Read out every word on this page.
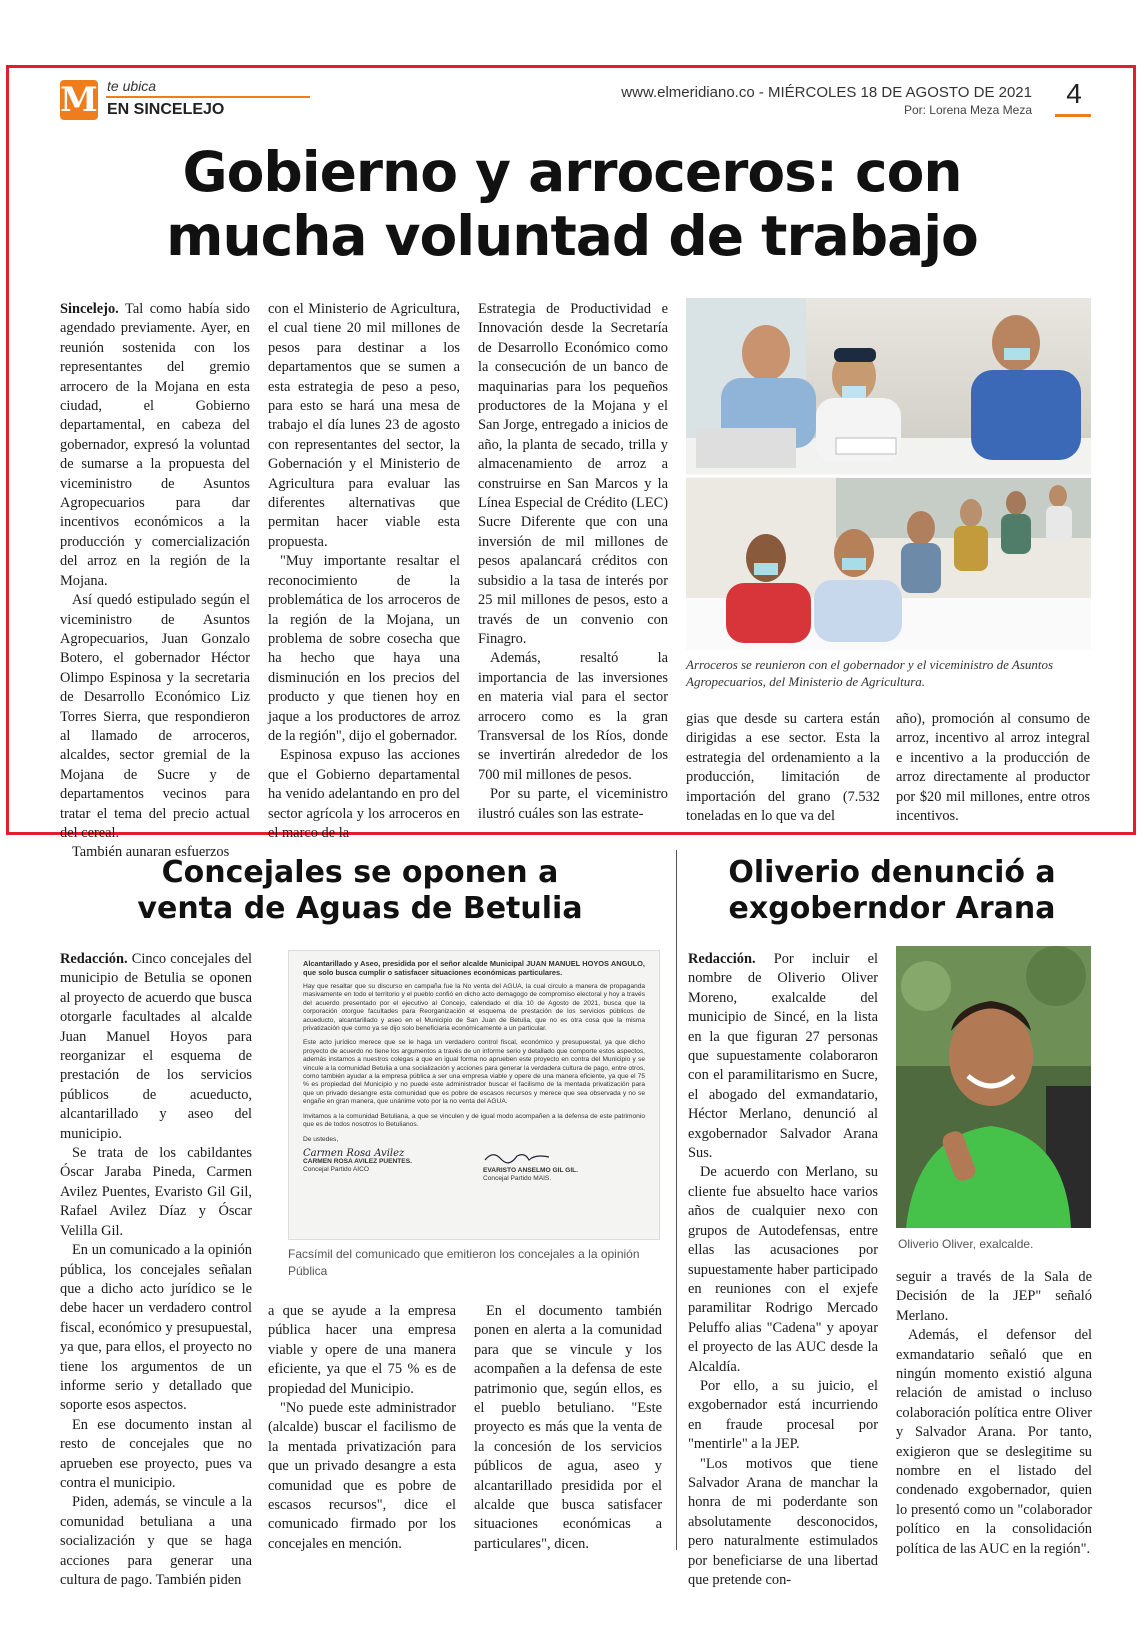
M te ubica
EN SINCELEJO
www.elmeridiano.co - MIÉRCOLES 18 DE AGOSTO DE 2021
Por: Lorena Meza Meza
4
Gobierno y arroceros: con
mucha voluntad de trabajo

Sincelejo. Tal como había sido agendado previamente. Ayer, en reunión sostenida con los representantes del gremio arrocero de la Mojana en esta ciudad, el Gobierno departamental, en cabeza del gobernador, expresó la voluntad de sumarse a la propuesta del viceministro de Asuntos Agropecuarios para dar incentivos económicos a la producción y comercialización del arroz en la región de la Mojana.

Así quedó estipulado según el viceministro de Asuntos Agropecuarios, Juan Gonzalo Botero, el gobernador Héctor Olimpo Espinosa y la secretaria de Desarrollo Económico Liz Torres Sierra, que respondieron al llamado de arroceros, alcaldes, sector gremial de la Mojana de Sucre y de departamentos vecinos para tratar el tema del precio actual del cereal.

También aunaran esfuerzos

con el Ministerio de Agricultura, el cual tiene 20 mil millones de pesos para destinar a los departamentos que se sumen a esta estrategia de peso a peso, para esto se hará una mesa de trabajo el día lunes 23 de agosto con representantes del sector, la Gobernación y el Ministerio de Agricultura para evaluar las diferentes alternativas que permitan hacer viable esta propuesta.

"Muy importante resaltar el reconocimiento de la problemática de los arroceros de la región de la Mojana, un problema de sobre cosecha que ha hecho que haya una disminución en los precios del producto y que tienen hoy en jaque a los productores de arroz de la región", dijo el gobernador.

Espinosa expuso las acciones que el Gobierno departamental ha venido adelantando en pro del sector agrícola y los arroceros en el marco de la

Estrategia de Productividad e Innovación desde la Secretaría de Desarrollo Económico como la consecución de un banco de maquinarias para los pequeños productores de la Mojana y el San Jorge, entregado a inicios de año, la planta de secado, trilla y almacenamiento de arroz a construirse en San Marcos y la Línea Especial de Crédito (LEC) Sucre Diferente que con una inversión de mil millones de pesos apalancará créditos con subsidio a la tasa de interés por 25 mil millones de pesos, esto a través de un convenio con Finagro.

Además, resaltó la importancia de las inversiones en materia vial para el sector arrocero como es la gran Transversal de los Ríos, donde se invertirán alrededor de los 700 mil millones de pesos.

Por su parte, el viceministro ilustró cuáles son las estrate-

gias que desde su cartera están dirigidas a ese sector. Esta la estrategia del ordenamiento a la producción, limitación de importación del grano (7.532 toneladas en lo que va del

año), promoción al consumo de arroz, incentivo al arroz integral e incentivo a la producción de arroz directamente al productor por $20 mil millones, entre otros incentivos.

Arroceros se reunieron con el gobernador y el viceministro de Asuntos Agropecuarios, del Ministerio de Agricultura.
Concejales se oponen a
venta de Aguas de Betulia

Redacción. Cinco concejales del municipio de Betulia se oponen al proyecto de acuerdo que busca otorgarle facultades al alcalde Juan Manuel Hoyos para reorganizar el esquema de prestación de los servicios públicos de acueducto, alcantarillado y aseo del municipio.

Se trata de los cabildantes Óscar Jaraba Pineda, Carmen Avilez Puentes, Evaristo Gil Gil, Rafael Avilez Díaz y Óscar Velilla Gil.

En un comunicado a la opinión pública, los concejales señalan que a dicho acto jurídico se le debe hacer un verdadero control fiscal, económico y presupuestal, ya que, para ellos, el proyecto no tiene los argumentos de un informe serio y detallado que soporte esos aspectos.

En ese documento instan al resto de concejales que no aprueben ese proyecto, pues va contra el municipio.

Piden, además, se vincule a la comunidad betuliana a una socialización y que se haga acciones para generar una cultura de pago. También piden

Alcantarillado y Aseo, presidida por el señor alcalde Municipal JUAN MANUEL HOYOS ANGULO, que solo busca cumplir o satisfacer situaciones económicas particulares.

Hay que resaltar que su discurso en campaña fue la No venta del AGUA, la cual circulo a manera de propaganda masivamente en todo el territorio y el pueblo confió en dicho acto demagogo de compromiso electoral y hoy a través del acuerdo presentado por el ejecutivo al Concejo, calendado el día 10 de Agosto de 2021, busca que la corporación otorgue facultades para Reorganización el esquema de prestación de los servicios públicos de acueducto, alcantarillado y aseo en el Municipio de San Juan de Betulia, que no es otra cosa que la misma privatización que como ya se dijo solo beneficiaria económicamente a un particular.

Este acto jurídico merece que se le haga un verdadero control fiscal, económico y presupuestal, ya que dicho proyecto de acuerdo no tiene los argumentos a través de un informe serio y detallado que comporte estos aspectos, además instamos a nuestros colegas a que en igual forma no aprueben este proyecto en contra del Municipio y se vincule a la comunidad Betulia a una socialización y acciones para generar la verdadera cultura de pago, entre otros, como también ayudar a la empresa pública a ser una empresa viable y opere de una manera eficiente, ya que el 75 % es propiedad del Municipio y no puede este administrador buscar el facilismo de la mentada privatización para que un privado desangre esta comunidad que es pobre de escasos recursos y merece que sea observada y no se engañe en gran manera, que unánime voto por la no venta del AGUA.

Invitamos a la comunidad Betuliana, a que se vinculen y de igual modo acompañen a la defensa de este patrimonio que es de todos nosotros lo Betulianos.

De ustedes,

Carmen Rosa Avilez
CARMEN ROSA AVILEZ PUENTES.
Concejal Partido AICO	EVARISTO ANSELMO GIL GIL.
Concejal Partido MAIS.
Facsímil del comunicado que emitieron los concejales a la opinión Pública

a que se ayude a la empresa pública hacer una empresa viable y opere de una manera eficiente, ya que el 75 % es de propiedad del Municipio.

"No puede este administrador (alcalde) buscar el facilismo de la mentada privatización para que un privado desangre a esta comunidad que es pobre de escasos recursos", dice el comunicado firmado por los concejales en mención.

En el documento también ponen en alerta a la comunidad para que se vincule y los acompañen a la defensa de este patrimonio que, según ellos, es el pueblo betuliano. "Este proyecto es más que la venta de la concesión de los servicios públicos de agua, aseo y alcantarillado presidida por el alcalde que busca satisfacer situaciones económicas a particulares", dicen.

Oliverio denunció a
exgoberndor Arana

Redacción. Por incluir el nombre de Oliverio Oliver Moreno, exalcalde del municipio de Sincé, en la lista en la que figuran 27 personas que supuestamente colaboraron con el paramilitarismo en Sucre, el abogado del exmandatario, Héctor Merlano, denunció al exgobernador Salvador Arana Sus.

De acuerdo con Merlano, su cliente fue absuelto hace varios años de cualquier nexo con grupos de Autodefensas, entre ellas las acusaciones por supuestamente haber participado en reuniones con el exjefe paramilitar Rodrigo Mercado Peluffo alias "Cadena" y apoyar el proyecto de las AUC desde la Alcaldía.

Por ello, a su juicio, el exgobernador está incurriendo en fraude procesal por "mentirle" a la JEP.

"Los motivos que tiene Salvador Arana de manchar la honra de mi poderdante son absolutamente desconocidos, pero naturalmente estimulados por beneficiarse de una libertad que pretende con-

Oliverio Oliver, exalcalde.

seguir a través de la Sala de Decisión de la JEP" señaló Merlano.

Además, el defensor del exmandatario señaló que en ningún momento existió alguna relación de amistad o incluso colaboración política entre Oliver y Salvador Arana. Por tanto, exigieron que se deslegitime su nombre en el listado del condenado exgobernador, quien lo presentó como un "colaborador político en la consolidación política de las AUC en la región".
